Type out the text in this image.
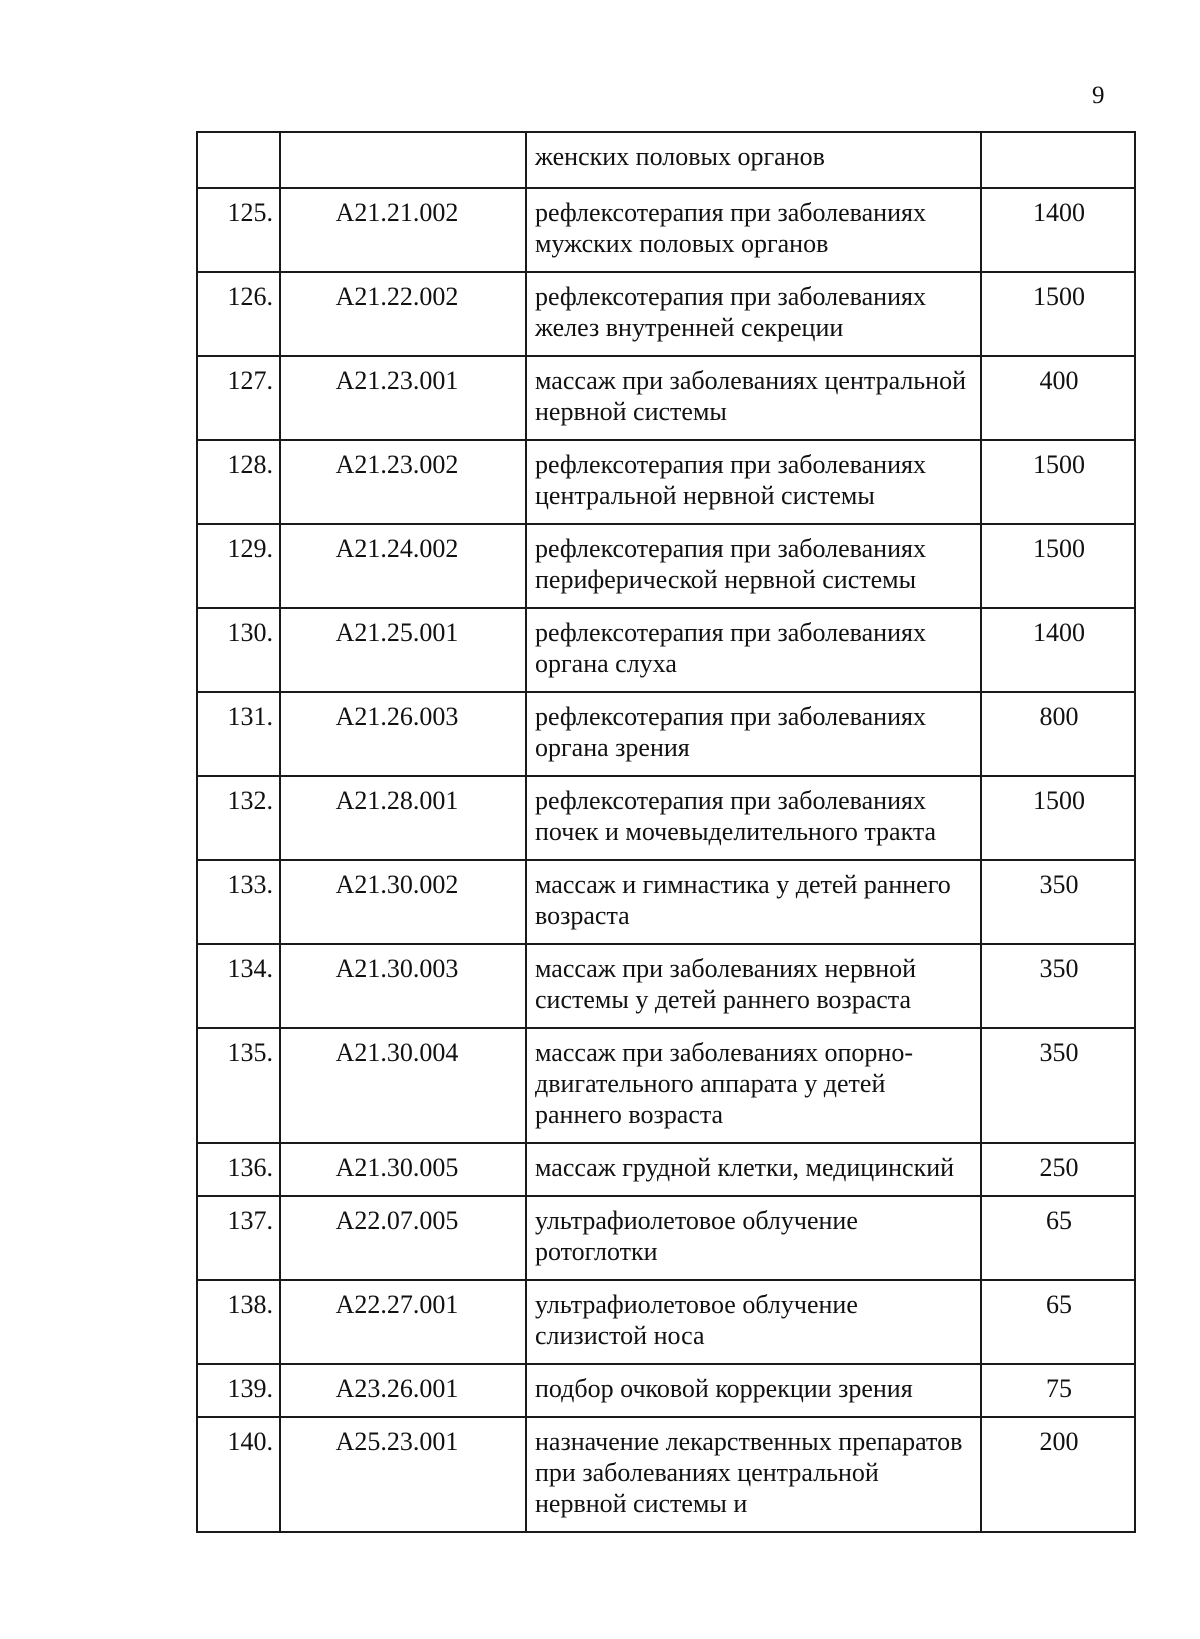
9
		женских половых органов	
125.	A21.21.002	рефлексотерапия при заболеваниях мужских половых органов	1400
126.	A21.22.002	рефлексотерапия при заболеваниях желез внутренней секреции	1500
127.	A21.23.001	массаж при заболеваниях центральной нервной системы	400
128.	A21.23.002	рефлексотерапия при заболеваниях центральной нервной системы	1500
129.	A21.24.002	рефлексотерапия при заболеваниях периферической нервной системы	1500
130.	A21.25.001	рефлексотерапия при заболеваниях органа слуха	1400
131.	A21.26.003	рефлексотерапия при заболеваниях органа зрения	800
132.	A21.28.001	рефлексотерапия при заболеваниях почек и мочевыделительного тракта	1500
133.	A21.30.002	массаж и гимнастика у детей раннего возраста	350
134.	A21.30.003	массаж при заболеваниях нервной системы у детей раннего возраста	350
135.	A21.30.004	массаж при заболеваниях опорно-двигательного аппарата у детей раннего возраста	350
136.	A21.30.005	массаж грудной клетки, медицинский	250
137.	A22.07.005	ультрафиолетовое облучение ротоглотки	65
138.	A22.27.001	ультрафиолетовое облучение слизистой носа	65
139.	A23.26.001	подбор очковой коррекции зрения	75
140.	A25.23.001	назначение лекарственных препаратов при заболеваниях центральной нервной системы и	200
